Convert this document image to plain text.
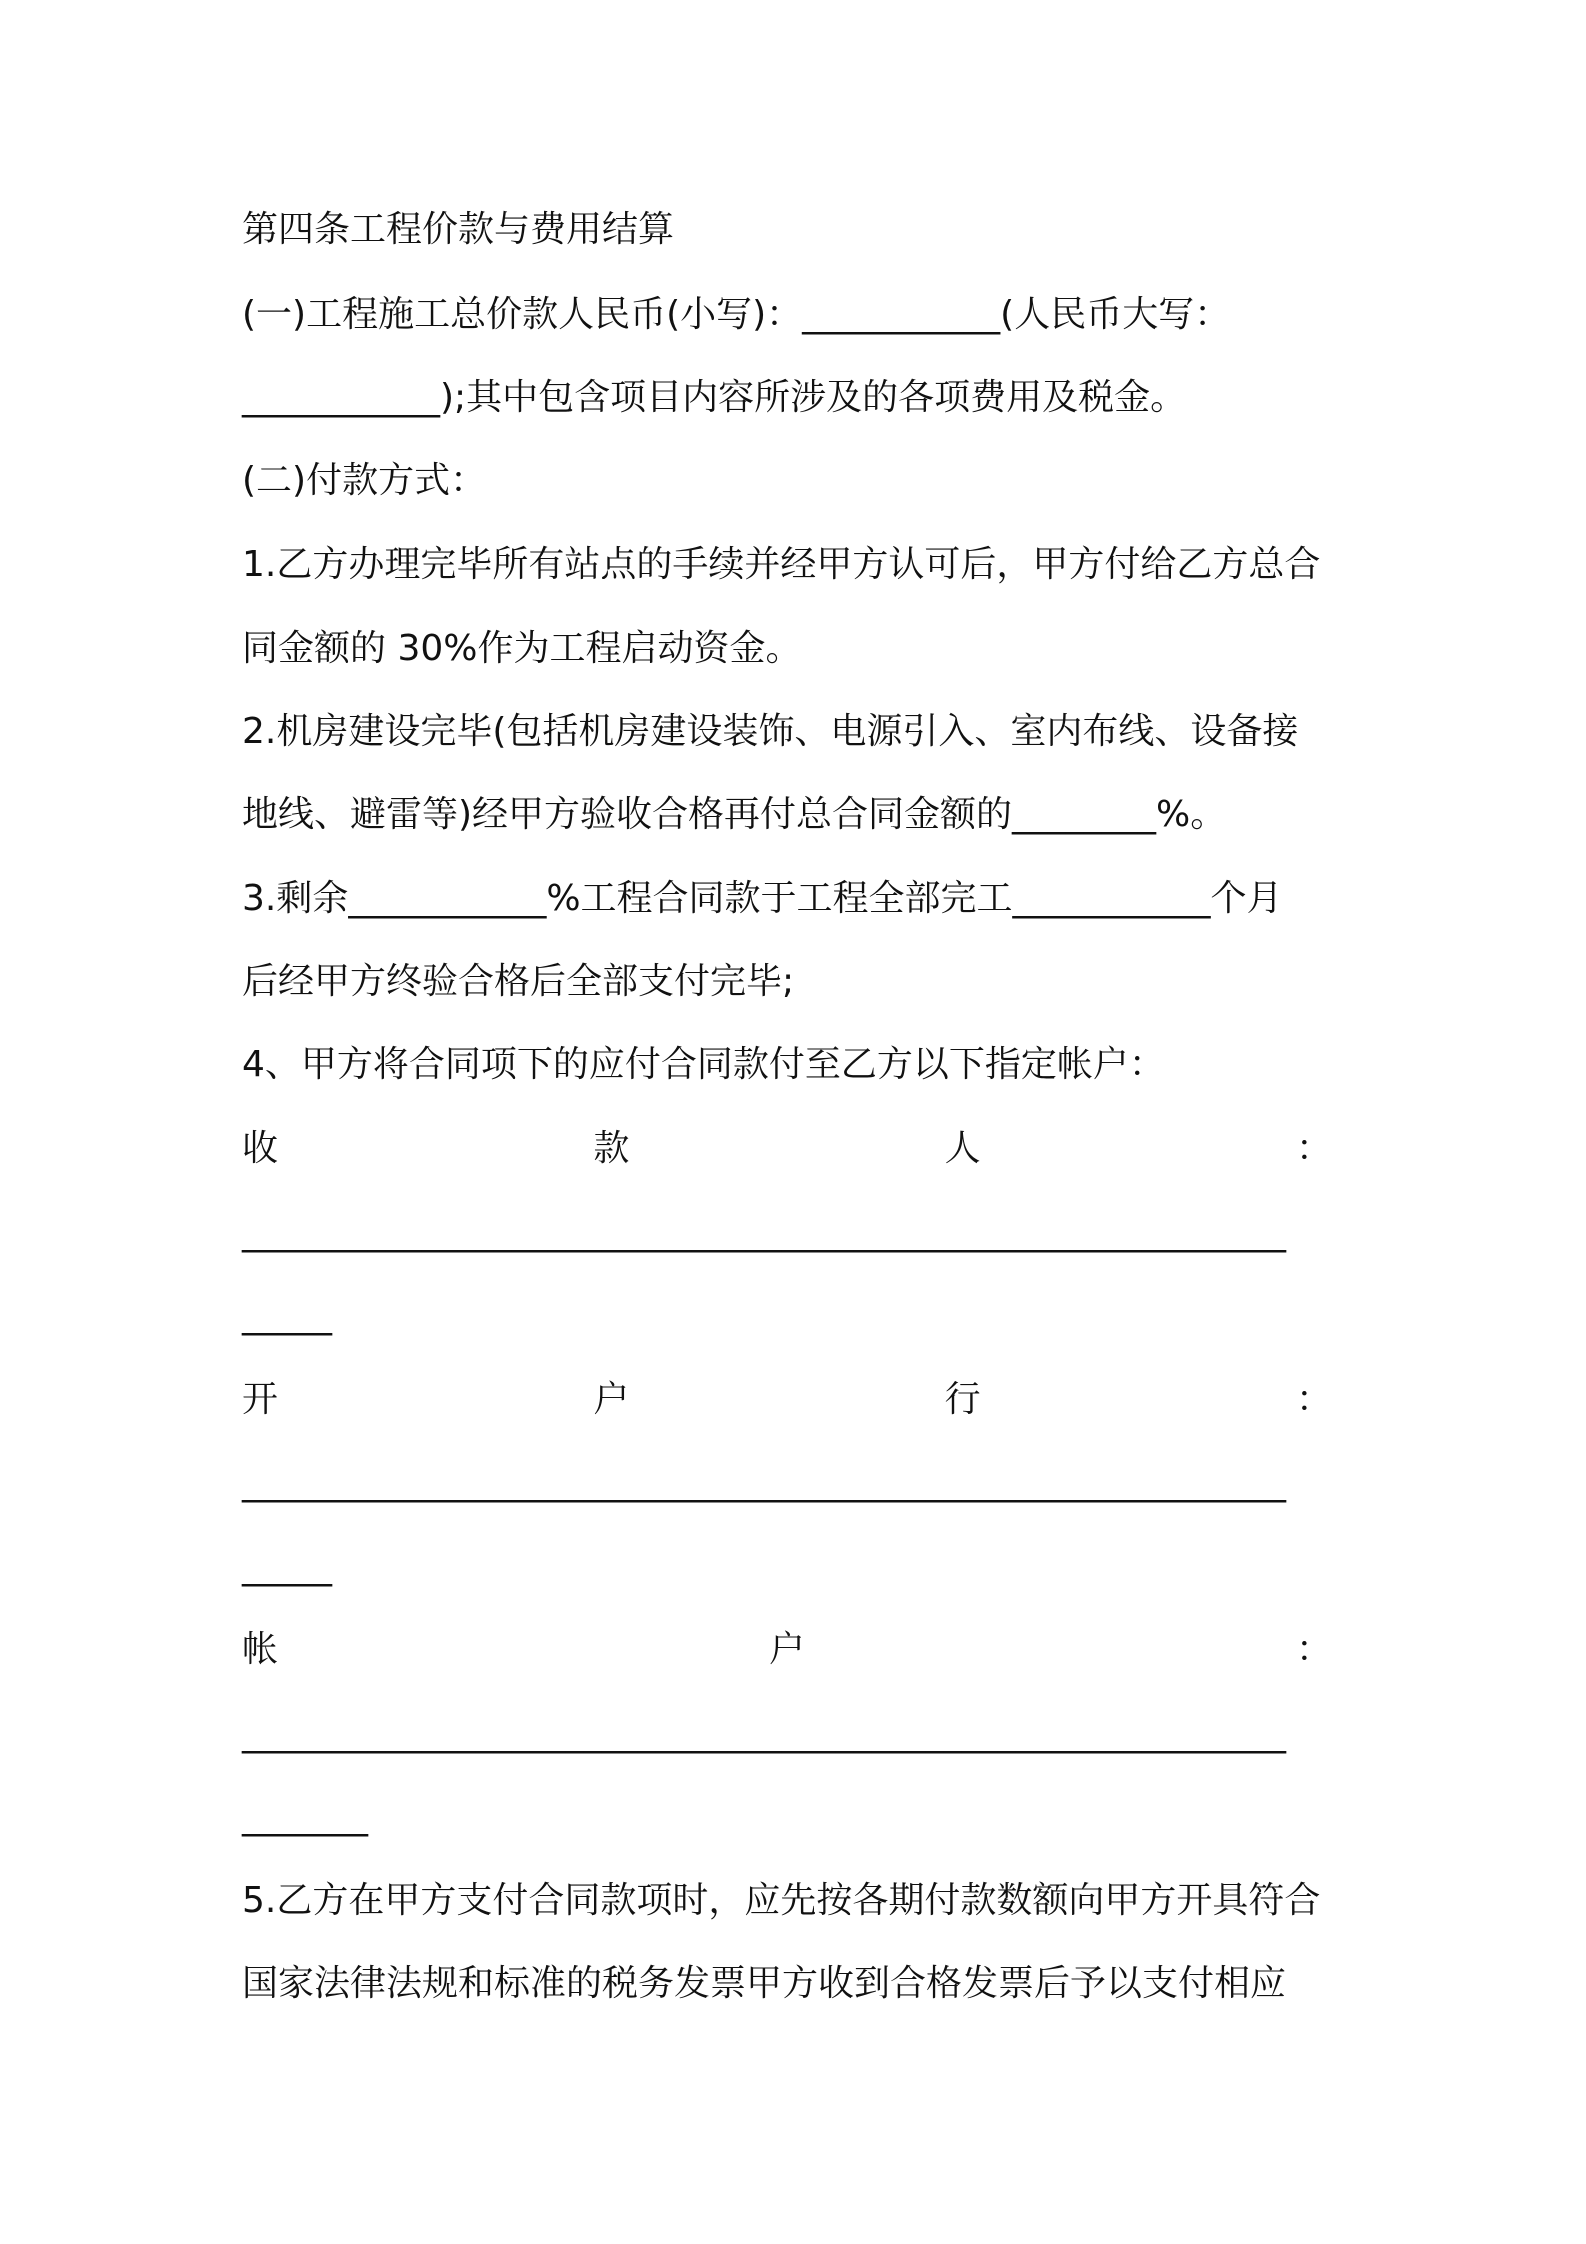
第四条工程价款与费用结算
(一)工程施工总价款人民币(小写)：___________(人民币大写：
___________);其中包含项目内容所涉及的各项费用及税金。
(二)付款方式：
1.乙方办理完毕所有站点的手续并经甲方认可后，甲方付给乙方总合
同金额的 30%作为工程启动资金。
2.机房建设完毕(包括机房建设装饰、电源引入、室内布线、设备接
地线、避雷等)经甲方验收合格再付总合同金额的________%。
3.剩余___________%工程合同款于工程全部完工___________个月
后经甲方终验合格后全部支付完毕;
4、甲方将合同项下的应付合同款付至乙方以下指定帐户：
收	款	人	：
__________________________________________________________
_____
开	户	行	：
__________________________________________________________
_____
帐	户	：
__________________________________________________________
_______
5.乙方在甲方支付合同款项时，应先按各期付款数额向甲方开具符合
国家法律法规和标准的税务发票甲方收到合格发票后予以支付相应
